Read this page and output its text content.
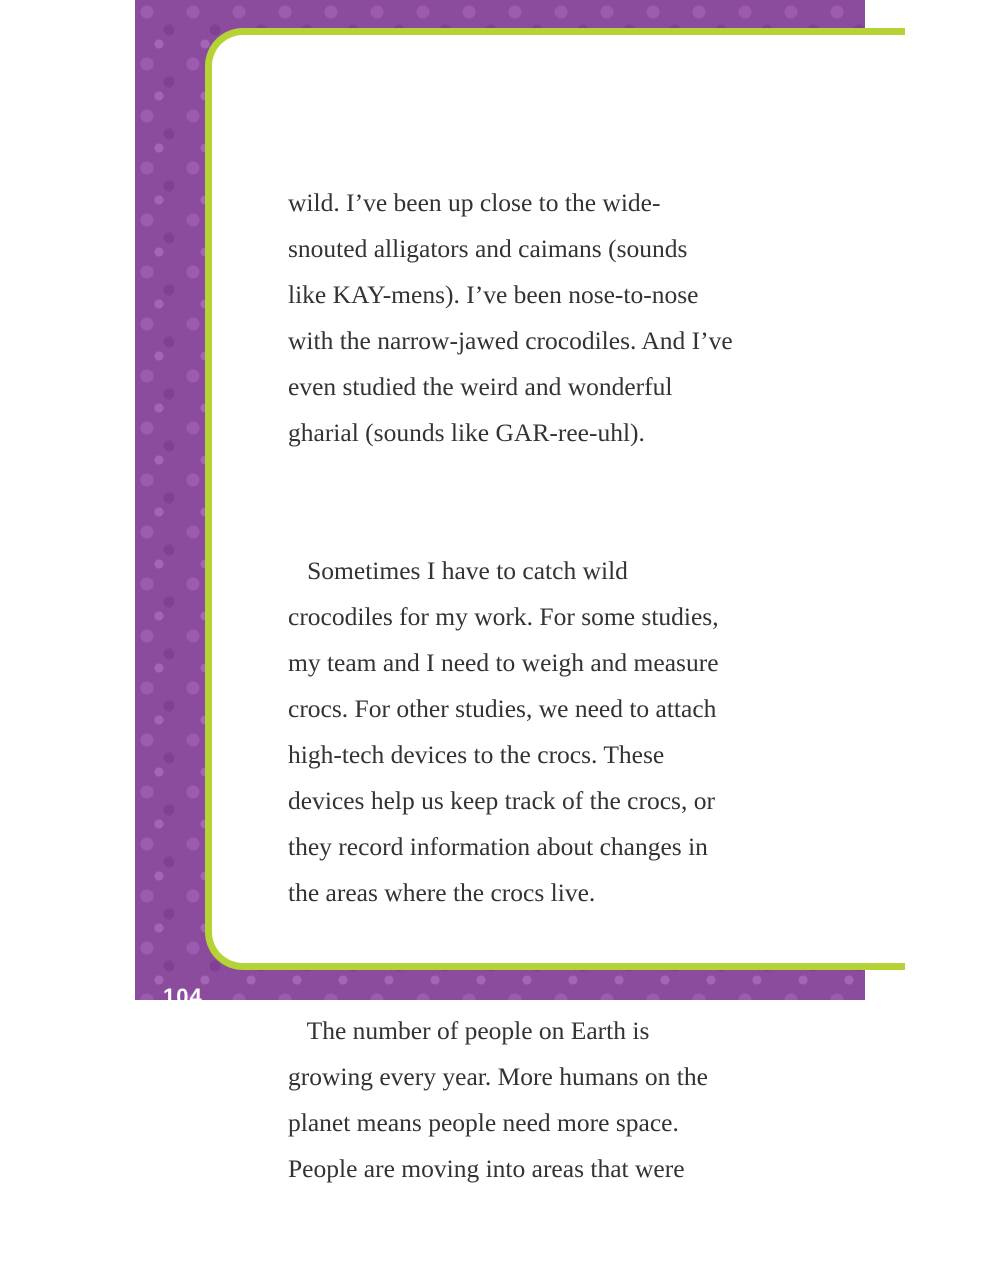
wild. I’ve been up close to the wide-
snouted alligators and caimans (sounds
like KAY-mens). I’ve been nose-to-nose
with the narrow-jawed crocodiles. And I’ve
even studied the weird and wonderful
gharial (sounds like GAR-ree-uhl).

Sometimes I have to catch wild
crocodiles for my work. For some studies,
my team and I need to weigh and measure
crocs. For other studies, we need to attach
high-tech devices to the crocs. These
devices help us keep track of the crocs, or
they record information about changes in
the areas where the crocs live.

The number of people on Earth is
growing every year. More humans on the
planet means people need more space.
People are moving into areas that were

104
